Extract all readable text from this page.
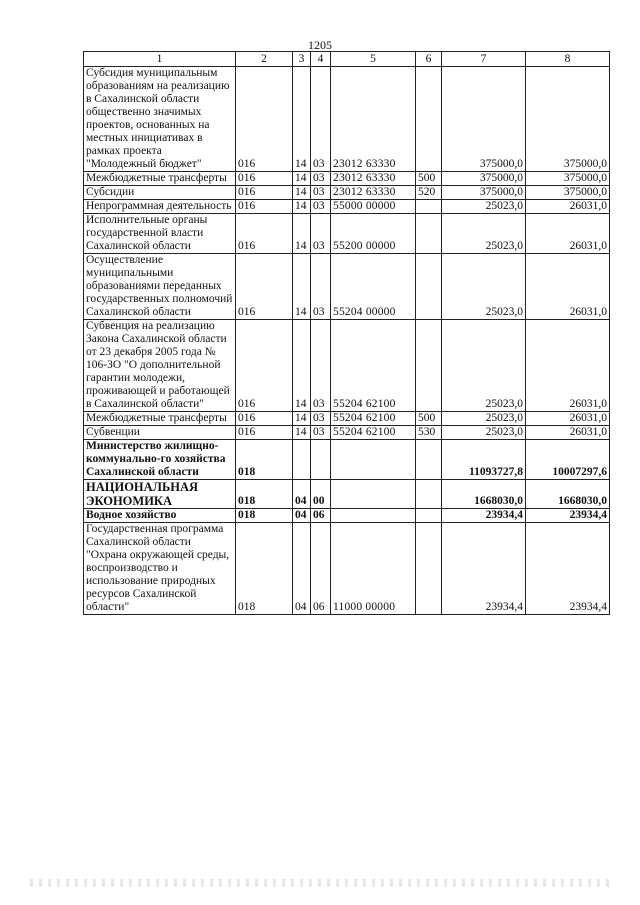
1205
1	2	3	4	5	6	7	8
Субсидия муниципальным образованиям на реализацию в Сахалинской области общественно значимых проектов, основанных на местных инициативах в рамках проекта "Молодежный бюджет"	016	14	03	23012 63330		375000,0	375000,0
Межбюджетные трансферты	016	14	03	23012 63330	500	375000,0	375000,0
Субсидии	016	14	03	23012 63330	520	375000,0	375000,0
Непрограммная деятельность	016	14	03	55000 00000		25023,0	26031,0
Исполнительные органы государственной власти Сахалинской области	016	14	03	55200 00000		25023,0	26031,0
Осуществление муниципальными образованиями переданных государственных полномочий Сахалинской области	016	14	03	55204 00000		25023,0	26031,0
Субвенция на реализацию Закона Сахалинской области от 23 декабря 2005 года № 106-ЗО "О дополнительной гарантии молодежи, проживающей и работающей в Сахалинской области"	016	14	03	55204 62100		25023,0	26031,0
Межбюджетные трансферты	016	14	03	55204 62100	500	25023,0	26031,0
Субвенции	016	14	03	55204 62100	530	25023,0	26031,0
Министерство жилищно-коммунально-го хозяйства Сахалинской области	018					11093727,8	10007297,6
НАЦИОНАЛЬНАЯ ЭКОНОМИКА	018	04	00			1668030,0	1668030,0
Водное хозяйство	018	04	06			23934,4	23934,4
Государственная программа Сахалинской области "Охрана окружающей среды, воспроизводство и использование природных ресурсов Сахалинской области"	018	04	06	11000 00000		23934,4	23934,4
